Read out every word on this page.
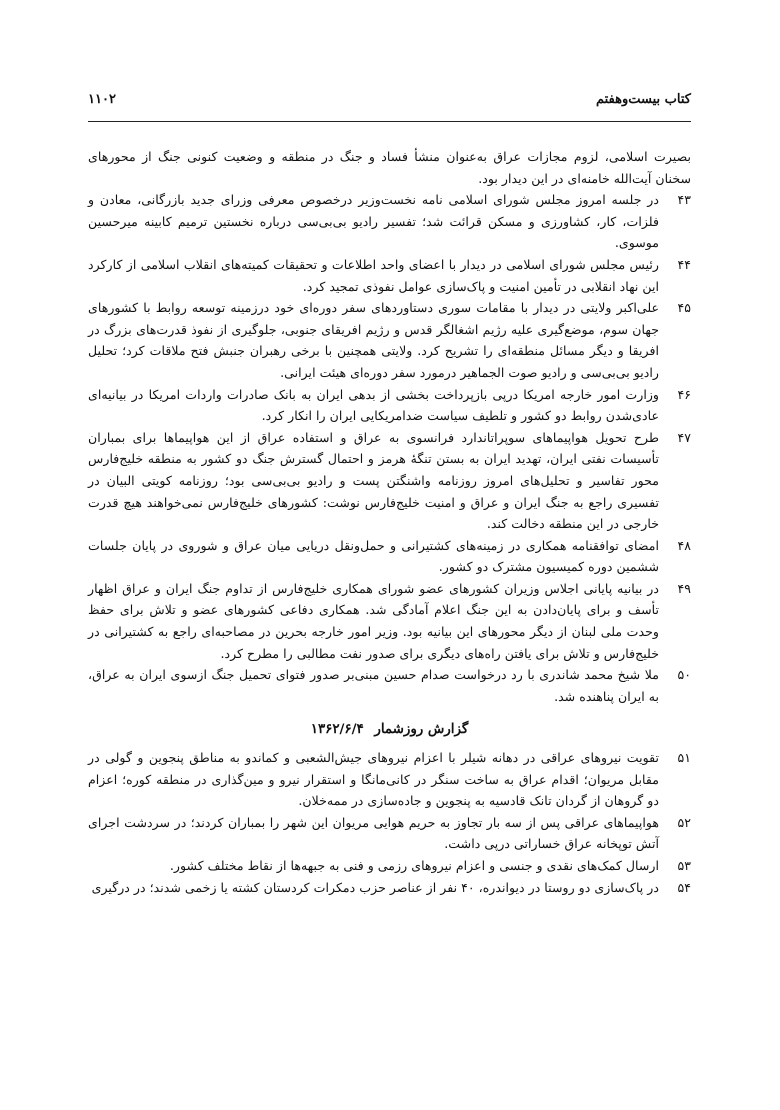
کتاب بیست‌وهفتم
۱۱۰۲

بصیرت اسلامی، لزوم مجازات عراق به‌عنوان منشأ فساد و جنگ در منطقه و وضعیت کنونی جنگ از محورهای سخنان آیت‌الله خامنه‌ای در این دیدار بود.

۴۳
در جلسه امروز مجلس شورای اسلامی نامه نخست‌وزیر درخصوص معرفی وزرای جدید بازرگانی، معادن و فلزات، کار، کشاورزی و مسکن قرائت شد؛ تفسیر رادیو بی‌بی‌سی درباره نخستین ترمیم کابینه میرحسین موسوی.
۴۴
رئیس مجلس شورای اسلامی در دیدار با اعضای واحد اطلاعات و تحقیقات کمیته‌های انقلاب اسلامی از کارکرد این نهاد انقلابی در تأمین امنیت و پاک‌سازی عوامل نفوذی تمجید کرد.
۴۵
علی‌اکبر ولایتی در دیدار با مقامات سوری دستاوردهای سفر دوره‌ای خود درزمینه توسعه روابط با کشورهای جهان سوم، موضع‌گیری علیه رژیم اشغالگر قدس و رژیم افریقای جنوبی، جلوگیری از نفوذ قدرت‌های بزرگ در افریقا و دیگر مسائل منطقه‌ای را تشریح کرد. ولایتی همچنین با برخی رهبران جنبش فتح ملاقات کرد؛ تحلیل رادیو بی‌بی‌سی و رادیو صوت الجماهیر درمورد سفر دوره‌ای هیئت ایرانی.
۴۶
وزارت امور خارجه امریکا درپی بازپرداخت بخشی از بدهی ایران به بانک صادرات واردات امریکا در بیانیه‌ای عادی‌شدن روابط دو کشور و تلطیف سیاست ضدامریکایی ایران را انکار کرد.
۴۷
طرح تحویل هواپیماهای سوپراتاندارد فرانسوی به عراق و استفاده عراق از این هواپیماها برای بمباران تأسیسات نفتی ایران، تهدید ایران به بستن تنگهٔ هرمز و احتمال گسترش جنگ دو کشور به منطقه خلیج‌فارس محور تفاسیر و تحلیل‌های امروز روزنامه واشنگتن پست و رادیو بی‌بی‌سی بود؛ روزنامه کویتی البیان در تفسیری راجع به جنگ ایران و عراق و امنیت خلیج‌فارس نوشت: کشورهای خلیج‌فارس نمی‌خواهند هیچ قدرت خارجی در این منطقه دخالت کند.
۴۸
امضای توافقنامه همکاری در زمینه‌های کشتیرانی و حمل‌ونقل دریایی میان عراق و شوروی در پایان جلسات ششمین دوره کمیسیون مشترک دو کشور.
۴۹
در بیانیه پایانی اجلاس وزیران کشورهای عضو شورای همکاری خلیج‌فارس از تداوم جنگ ایران و عراق اظهار تأسف و برای پایان‌دادن به این جنگ اعلام آمادگی شد. همکاری دفاعی کشورهای عضو و تلاش برای حفظ وحدت ملی لبنان از دیگر محورهای این بیانیه بود. وزیر امور خارجه بحرین در مصاحبه‌ای راجع به کشتیرانی در خلیج‌فارس و تلاش برای یافتن راه‌های دیگری برای صدور نفت مطالبی را مطرح کرد.
۵۰
ملا شیخ محمد شاندری با رد درخواست صدام حسین مبنی‌بر صدور فتوای تحمیل جنگ ازسوی ایران به عراق، به ایران پناهنده شد.
گزارش روزشمار ۱۳۶۲/۶/۴
۵۱
تقویت نیروهای عراقی در دهانه شیلر با اعزام نیروهای جیش‌الشعبی و کماندو به مناطق پنجوین و گولی در مقابل مریوان؛ اقدام عراق به ساخت سنگر در کانی‌مانگا و استقرار نیرو و مین‌گذاری در منطقه کوره؛ اعزام دو گروهان از گردان تانک قادسیه به پنجوین و جاده‌سازی در ممه‌خلان.
۵۲
هواپیماهای عراقی پس از سه بار تجاوز به حریم هوایی مریوان این شهر را بمباران کردند؛ در سردشت اجرای آتش توپخانه عراق خساراتی درپی داشت.
۵۳
ارسال کمک‌های نقدی و جنسی و اعزام نیروهای رزمی و فنی به جبهه‌ها از نقاط مختلف کشور.
۵۴
در پاک‌سازی دو روستا در دیواندره، ۴۰ نفر از عناصر حزب دمکرات کردستان کشته یا زخمی شدند؛ در درگیری
